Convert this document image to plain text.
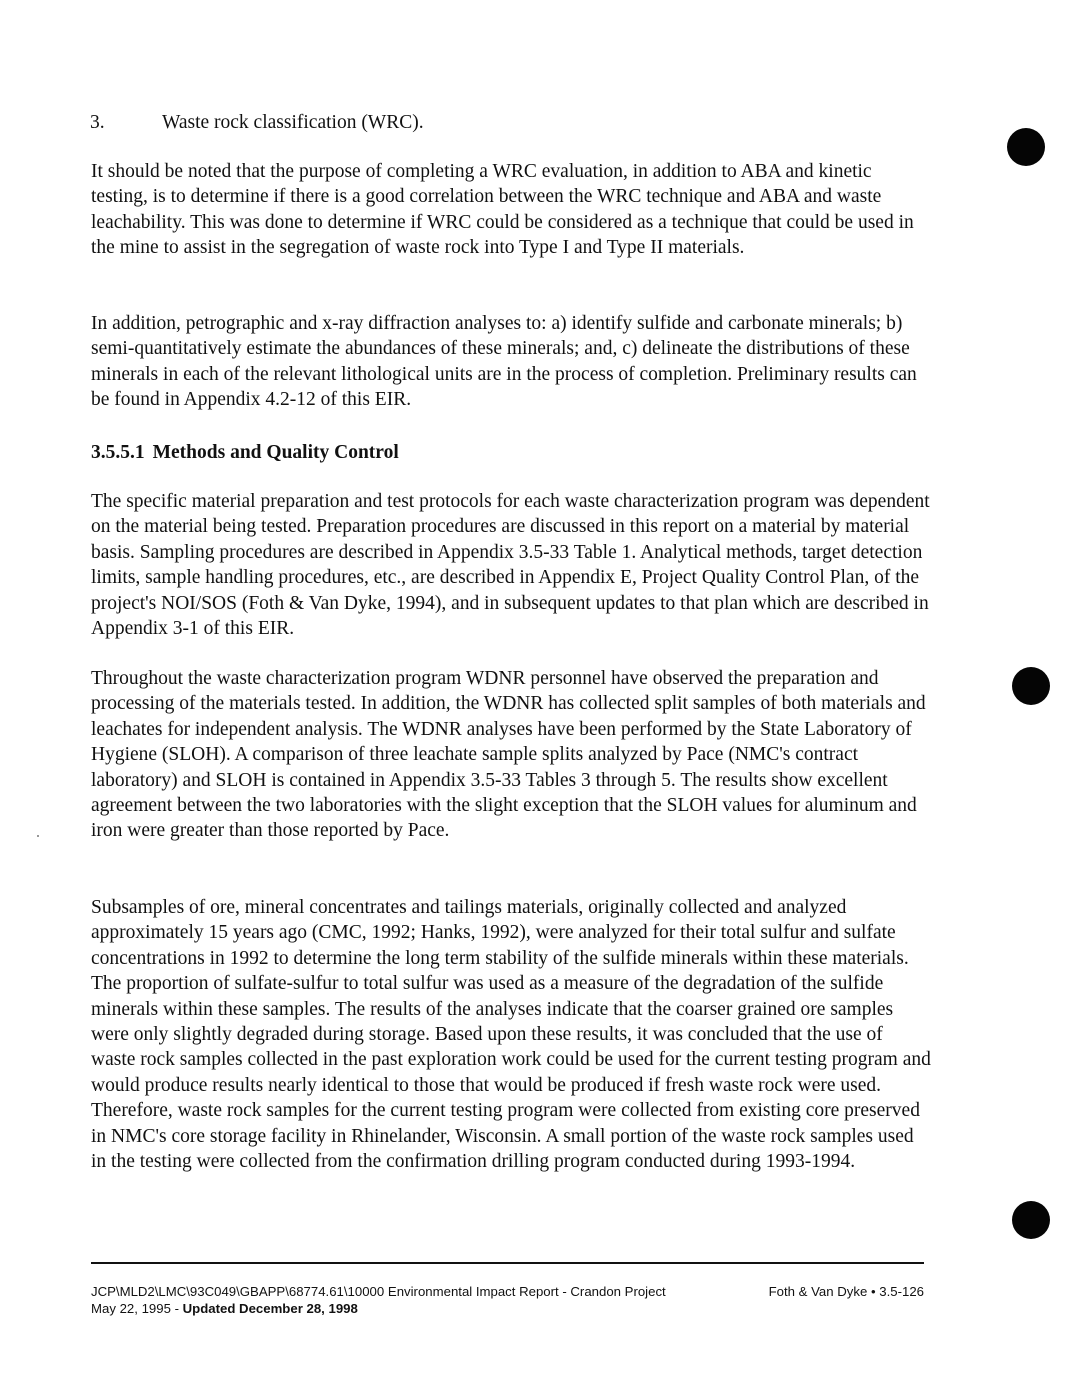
3.	Waste rock classification (WRC).

It should be noted that the purpose of completing a WRC evaluation, in addition to ABA and kinetic testing, is to determine if there is a good correlation between the WRC technique and ABA and waste leachability. This was done to determine if WRC could be considered as a technique that could be used in the mine to assist in the segregation of waste rock into Type I and Type II materials.

In addition, petrographic and x-ray diffraction analyses to: a) identify sulfide and carbonate minerals; b) semi-quantitatively estimate the abundances of these minerals; and, c) delineate the distributions of these minerals in each of the relevant lithological units are in the process of completion. Preliminary results can be found in Appendix 4.2-12 of this EIR.

3.5.5.1 Methods and Quality Control

The specific material preparation and test protocols for each waste characterization program was dependent on the material being tested. Preparation procedures are discussed in this report on a material by material basis. Sampling procedures are described in Appendix 3.5-33 Table 1. Analytical methods, target detection limits, sample handling procedures, etc., are described in Appendix E, Project Quality Control Plan, of the project's NOI/SOS (Foth & Van Dyke, 1994), and in subsequent updates to that plan which are described in Appendix 3-1 of this EIR.

Throughout the waste characterization program WDNR personnel have observed the preparation and processing of the materials tested. In addition, the WDNR has collected split samples of both materials and leachates for independent analysis. The WDNR analyses have been performed by the State Laboratory of Hygiene (SLOH). A comparison of three leachate sample splits analyzed by Pace (NMC's contract laboratory) and SLOH is contained in Appendix 3.5-33 Tables 3 through 5. The results show excellent agreement between the two laboratories with the slight exception that the SLOH values for aluminum and iron were greater than those reported by Pace.

Subsamples of ore, mineral concentrates and tailings materials, originally collected and analyzed approximately 15 years ago (CMC, 1992; Hanks, 1992), were analyzed for their total sulfur and sulfate concentrations in 1992 to determine the long term stability of the sulfide minerals within these materials. The proportion of sulfate-sulfur to total sulfur was used as a measure of the degradation of the sulfide minerals within these samples. The results of the analyses indicate that the coarser grained ore samples were only slightly degraded during storage. Based upon these results, it was concluded that the use of waste rock samples collected in the past exploration work could be used for the current testing program and would produce results nearly identical to those that would be produced if fresh waste rock were used. Therefore, waste rock samples for the current testing program were collected from existing core preserved in NMC's core storage facility in Rhinelander, Wisconsin. A small portion of the waste rock samples used in the testing were collected from the confirmation drilling program conducted during 1993-1994.

JCP\MLD2\LMC\93C049\GBAPP\68774.61\10000 Environmental Impact Report - Crandon Project	Foth & Van Dyke • 3.5-126
May 22, 1995 - Updated December 28, 1998
